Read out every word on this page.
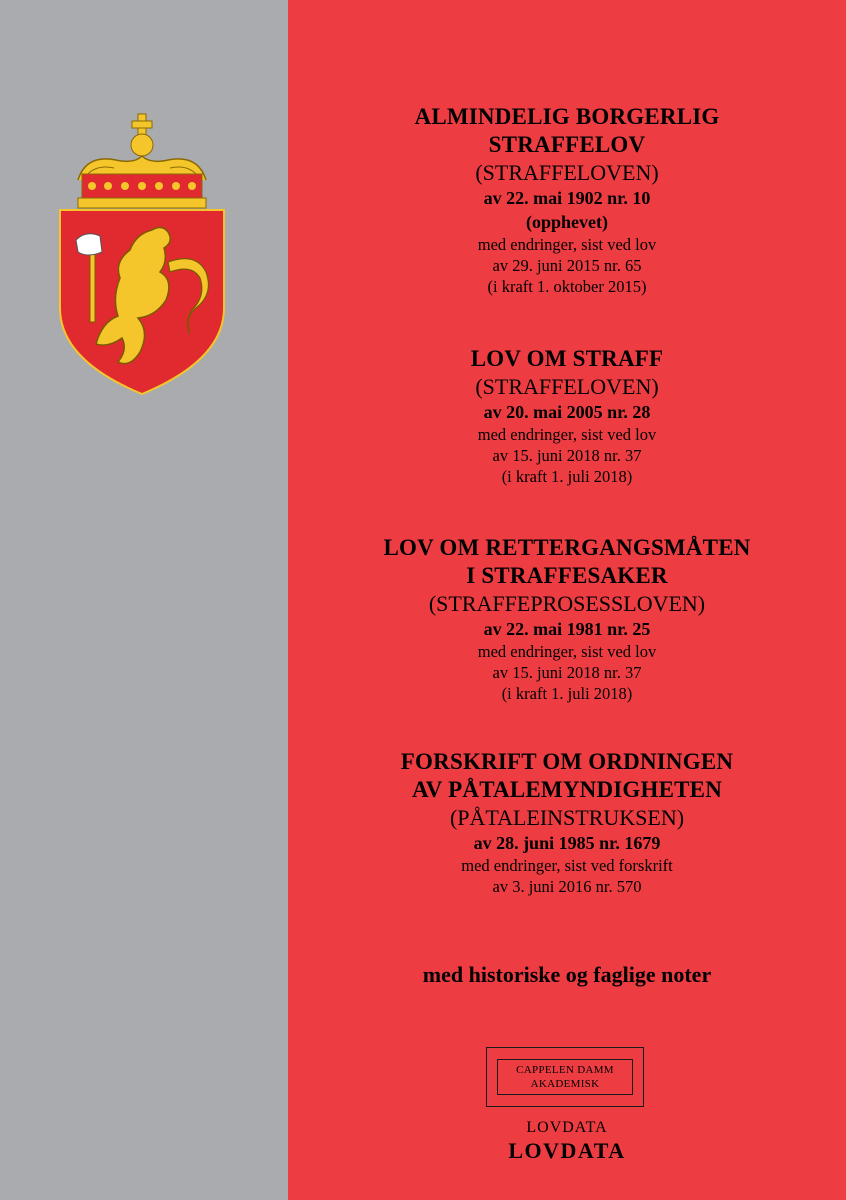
ALMINDELIG BORGERLIG
STRAFFELOV
(STRAFFELOVEN)
av 22. mai 1902 nr. 10
(opphevet)
med endringer, sist ved lov
av 29. juni 2015 nr. 65
(i kraft 1. oktober 2015)
LOV OM STRAFF
(STRAFFELOVEN)
av 20. mai 2005 nr. 28
med endringer, sist ved lov
av 15. juni 2018 nr. 37
(i kraft 1. juli 2018)
LOV OM RETTERGANGSMÅTEN
I STRAFFESAKER
(STRAFFEPROSESSLOVEN)
av 22. mai 1981 nr. 25
med endringer, sist ved lov
av 15. juni 2018 nr. 37
(i kraft 1. juli 2018)
FORSKRIFT OM ORDNINGEN
AV PÅTALEMYNDIGHETEN
(PÅTALEINSTRUKSEN)
av 28. juni 1985 nr. 1679
med endringer, sist ved forskrift
av 3. juni 2016 nr. 570
med historiske og faglige noter
CAPPELEN DAMM
AKADEMISK
LOVDATA
LOVDATA
